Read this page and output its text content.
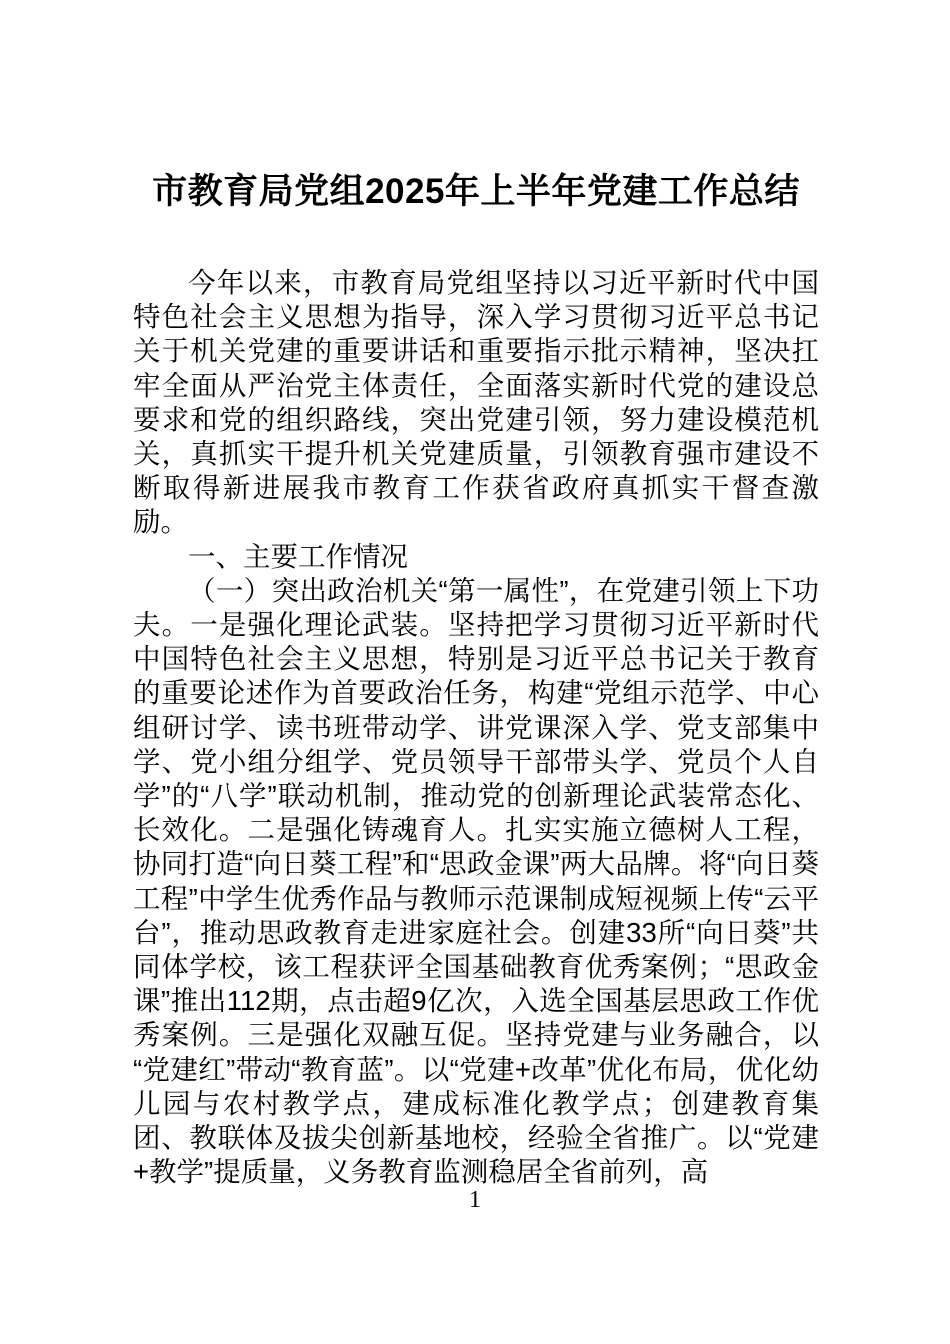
市教育局党组2025年上半年党建工作总结

今年以来，市教育局党组坚持以习近平新时代中国特色社会主义思想为指导，深入学习贯彻习近平总书记关于机关党建的重要讲话和重要指示批示精神，坚决扛牢全面从严治党主体责任，全面落实新时代党的建设总要求和党的组织路线，突出党建引领，努力建设模范机关，真抓实干提升机关党建质量，引领教育强市建设不断取得新进展我市教育工作获省政府真抓实干督查激励。

一、主要工作情况

（一）突出政治机关“第一属性”，在党建引领上下功夫。一是强化理论武装。坚持把学习贯彻习近平新时代中国特色社会主义思想，特别是习近平总书记关于教育的重要论述作为首要政治任务，构建“党组示范学、中心组研讨学、读书班带动学、讲党课深入学、党支部集中学、党小组分组学、党员领导干部带头学、党员个人自学”的“八学”联动机制，推动党的创新理论武装常态化、长效化。二是强化铸魂育人。扎实实施立德树人工程，协同打造“向日葵工程”和“思政金课”两大品牌。将“向日葵工程”中学生优秀作品与教师示范课制成短视频上传“云平台”，推动思政教育走进家庭社会。创建33所“向日葵”共同体学校，该工程获评全国基础教育优秀案例；“思政金课”推出112期，点击超9亿次，入选全国基层思政工作优秀案例。三是强化双融互促。坚持党建与业务融合，以“党建红”带动“教育蓝”。以“党建+改革”优化布局，优化幼儿园与农村教学点，建成标准化教学点；创建教育集团、教联体及拔尖创新基地校，经验全省推广。以“党建+教学”提质量，义务教育监测稳居全省前列，高

1
